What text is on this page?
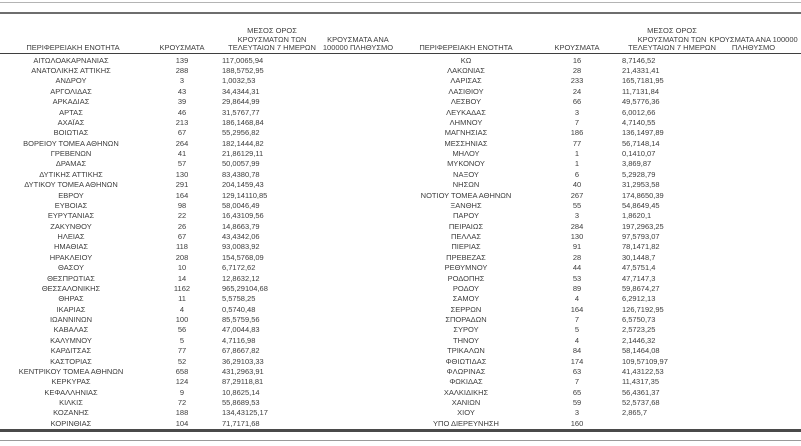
ΠΕΡΙΦΕΡΕΙΑΚΗ ΕΝΟΤΗΤΑ	ΚΡΟΥΣΜΑΤΑ
ΜΕΣΟΣ ΟΡΟΣ ΚΡΟΥΣΜΑΤΩΝ ΤΩΝ ΤΕΛΕΥΤΑΙΩΝ 7 ΗΜΕΡΩΝ
ΚΡΟΥΣΜΑΤΑ ΑΝΑ 100000 ΠΛΗΘΥΣΜΟ
ΑΙΤΩΛΟΑΚΑΡΝΑΝΙΑΣ	139	117,00 65,94
ΑΝΑΤΟΛΙΚΗΣ ΑΤΤΙΚΗΣ	288	188,57 52,95
ΑΝΔΡΟΥ	3	1,00 32,53
ΑΡΓΟΛΙΔΑΣ	43	34,43 44,31
ΑΡΚΑΔΙΑΣ	39	29,86 44,99
ΑΡΤΑΣ	46	31,57 67,77
ΑΧΑΪΑΣ	213	186,14 68,84
ΒΟΙΩΤΙΑΣ	67	55,29 56,82
ΒΟΡΕΙΟΥ ΤΟΜΕΑ ΑΘΗΝΩΝ	264	182,14 44,82
ΓΡΕΒΕΝΩΝ	41	21,86 129,11
ΔΡΑΜΑΣ	57	50,00 57,99
ΔΥΤΙΚΗΣ ΑΤΤΙΚΗΣ	130	83,43 80,78
ΔΥΤΙΚΟΥ ΤΟΜΕΑ ΑΘΗΝΩΝ	291	204,14 59,43
ΕΒΡΟΥ	164	129,14 110,85
ΕΥΒΟΙΑΣ	98	58,00 46,49
ΕΥΡΥΤΑΝΙΑΣ	22	16,43 109,56
ΖΑΚΥΝΘΟΥ	26	14,86 63,79
ΗΛΕΙΑΣ	67	43,43 42,06
ΗΜΑΘΙΑΣ	118	93,00 83,92
ΗΡΑΚΛΕΙΟΥ	208	154,57 68,09
ΘΑΣΟΥ	10	6,71 72,62
ΘΕΣΠΡΩΤΙΑΣ	14	12,86 32,12
ΘΕΣΣΑΛΟΝΙΚΗΣ	1162	965,29 104,68
ΘΗΡΑΣ	11	5,57 58,25
ΙΚΑΡΙΑΣ	4	0,57 40,48
ΙΩΑΝΝΙΝΩΝ	100	85,57 59,56
ΚΑΒΑΛΑΣ	56	47,00 44,83
ΚΑΛΥΜΝΟΥ	5	4,71 16,98
ΚΑΡΔΙΤΣΑΣ	77	67,86 67,82
ΚΑΣΤΟΡΙΑΣ	52	36,29 103,33
ΚΕΝΤΡΙΚΟΥ ΤΟΜΕΑ ΑΘΗΝΩΝ	658	431,29 63,91
ΚΕΡΚΥΡΑΣ	124	87,29 118,81
ΚΕΦΑΛΛΗΝΙΑΣ	9	10,86 25,14
ΚΙΛΚΙΣ	72	55,86 89,53
ΚΟΖΑΝΗΣ	188	134,43 125,17
ΚΟΡΙΝΘΙΑΣ	104	71,71 71,68
ΠΕΡΙΦΕΡΕΙΑΚΗ ΕΝΟΤΗΤΑ	ΚΡΟΥΣΜΑΤΑ
ΜΕΣΟΣ ΟΡΟΣ ΚΡΟΥΣΜΑΤΩΝ ΤΩΝ ΤΕΛΕΥΤΑΙΩΝ 7 ΗΜΕΡΩΝ
ΚΡΟΥΣΜΑΤΑ ΑΝΑ 100000 ΠΛΗΘΥΣΜΟ
ΚΩ	16	8,71 46,52
ΛΑΚΩΝΙΑΣ	28	21,43 31,41
ΛΑΡΙΣΑΣ	233	165,71 81,95
ΛΑΣΙΘΙΟΥ	24	11,71 31,84
ΛΕΣΒΟΥ	66	49,57 76,36
ΛΕΥΚΑΔΑΣ	3	6,00 12,66
ΛΗΜΝΟΥ	7	4,71 40,55
ΜΑΓΝΗΣΙΑΣ	186	136,14 97,89
ΜΕΣΣΗΝΙΑΣ	77	56,71 48,14
ΜΗΛΟΥ	1	0,14 10,07
ΜΥΚΟΝΟΥ	1	3,86 9,87
ΝΑΞΟΥ	6	5,29 28,79
ΝΗΣΩΝ	40	31,29 53,58
ΝΟΤΙΟΥ ΤΟΜΕΑ ΑΘΗΝΩΝ	267	174,86 50,39
ΞΑΝΘΗΣ	55	54,86 49,45
ΠΑΡΟΥ	3	1,86 20,1
ΠΕΙΡΑΙΩΣ	284	197,29 63,25
ΠΕΛΛΑΣ	130	97,57 93,07
ΠΙΕΡΙΑΣ	91	78,14 71,82
ΠΡΕΒΕΖΑΣ	28	30,14 48,7
ΡΕΘΥΜΝΟΥ	44	47,57 51,4
ΡΟΔΟΠΗΣ	53	47,71 47,3
ΡΟΔΟΥ	89	59,86 74,27
ΣΑΜΟΥ	4	6,29 12,13
ΣΕΡΡΩΝ	164	126,71 92,95
ΣΠΟΡΑΔΩΝ	7	6,57 50,73
ΣΥΡΟΥ	5	2,57 23,25
ΤΗΝΟΥ	4	2,14 46,32
ΤΡΙΚΑΛΩΝ	84	58,14 64,08
ΦΘΙΩΤΙΔΑΣ	174	109,57 109,97
ΦΛΩΡΙΝΑΣ	63	41,43 122,53
ΦΩΚΙΔΑΣ	7	11,43 17,35
ΧΑΛΚΙΔΙΚΗΣ	65	56,43 61,37
ΧΑΝΙΩΝ	59	52,57 37,68
ΧΙΟΥ	3	2,86 5,7
ΥΠΟ ΔΙΕΡΕΥΝΗΣΗ	160
